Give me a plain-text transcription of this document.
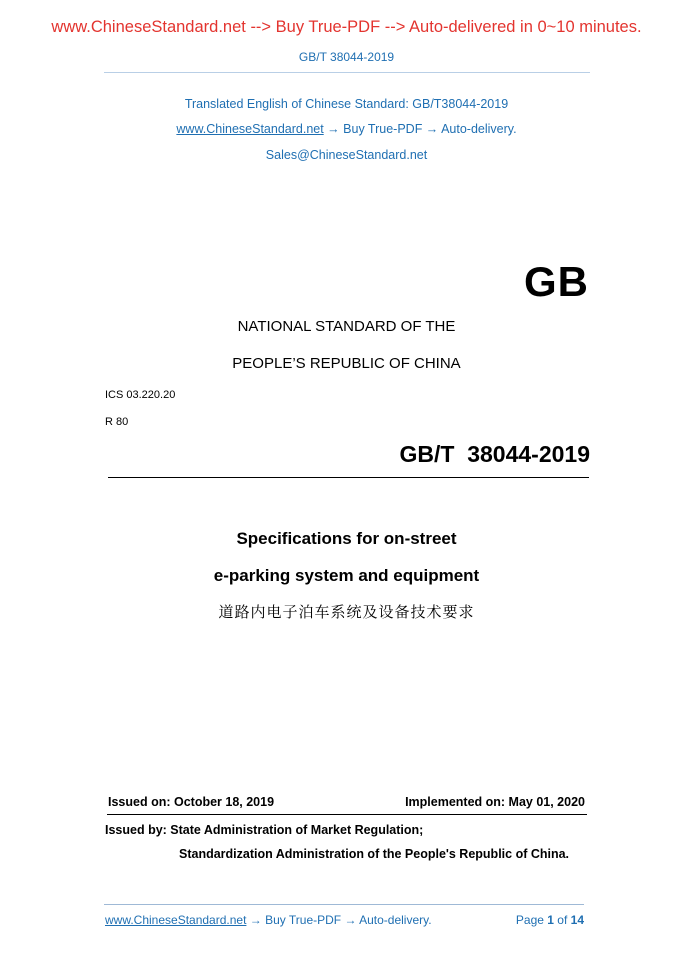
www.ChineseStandard.net --> Buy True-PDF --> Auto-delivered in 0~10 minutes.
GB/T 38044-2019
Translated English of Chinese Standard: GB/T38044-2019
www.ChineseStandard.net → Buy True-PDF → Auto-delivery.
Sales@ChineseStandard.net
GB
NATIONAL STANDARD OF THE
PEOPLE’S REPUBLIC OF CHINA
ICS 03.220.20
R 80
GB/T  38044-2019
Specifications for on-street
e-parking system and equipment
道路内电子泊车系统及设备技术要求
Issued on: October 18, 2019	Implemented on: May 01, 2020
Issued by: State Administration of Market Regulation;
Standardization Administration of the People's Republic of China.
www.ChineseStandard.net → Buy True-PDF → Auto-delivery.	Page 1 of 14
